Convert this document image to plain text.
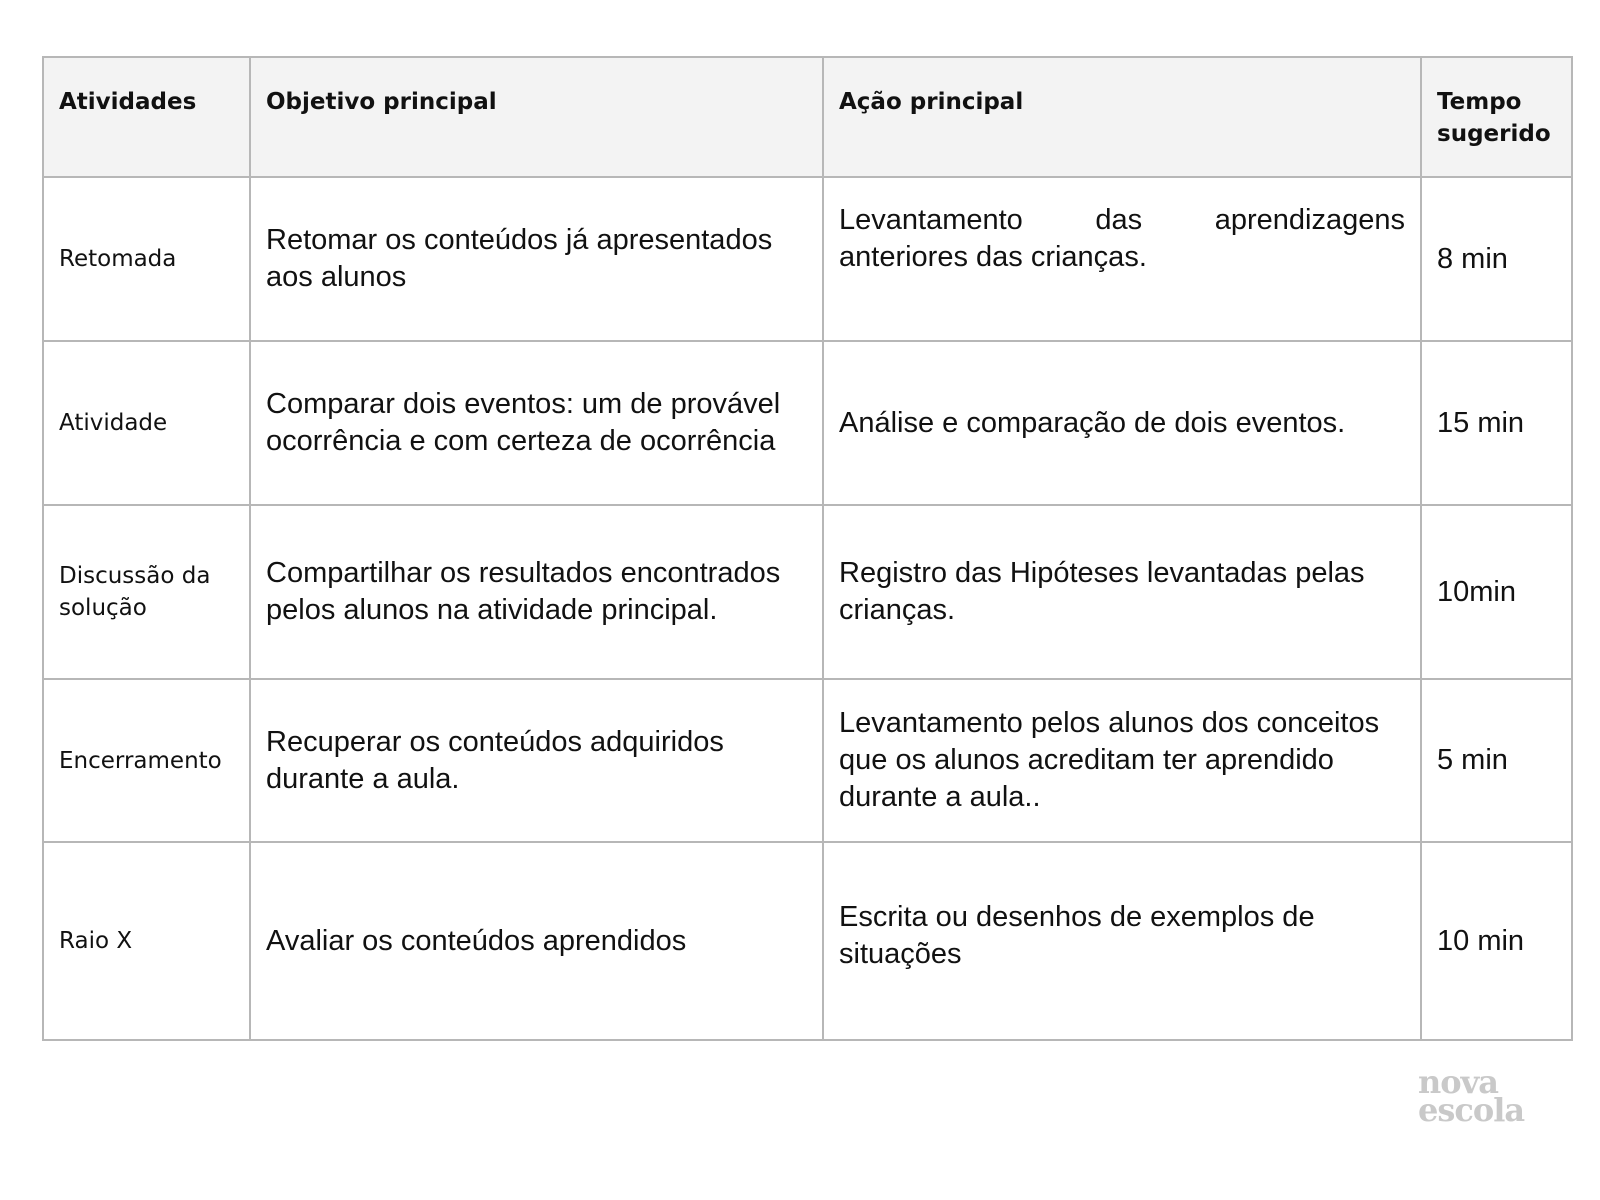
Atividades	Objetivo principal	Ação principal	Tempo sugerido
Retomada	Retomar os conteúdos já apresentados aos alunos	Levantamento das aprendizagens anteriores das crianças.	8 min
Atividade	Comparar dois eventos: um de provável ocorrência e com certeza de ocorrência	Análise e comparação de dois eventos.	15 min
Discussão da solução	Compartilhar os resultados encontrados pelos alunos na atividade principal.	Registro das Hipóteses levantadas pelas crianças.	10min
Encerramento	Recuperar os conteúdos adquiridos durante a aula.	Levantamento pelos alunos dos conceitos que os alunos acreditam ter aprendido durante a aula..	5 min
Raio X	Avaliar os conteúdos aprendidos	Escrita ou desenhos de exemplos de situações	10 min
nova
escola
